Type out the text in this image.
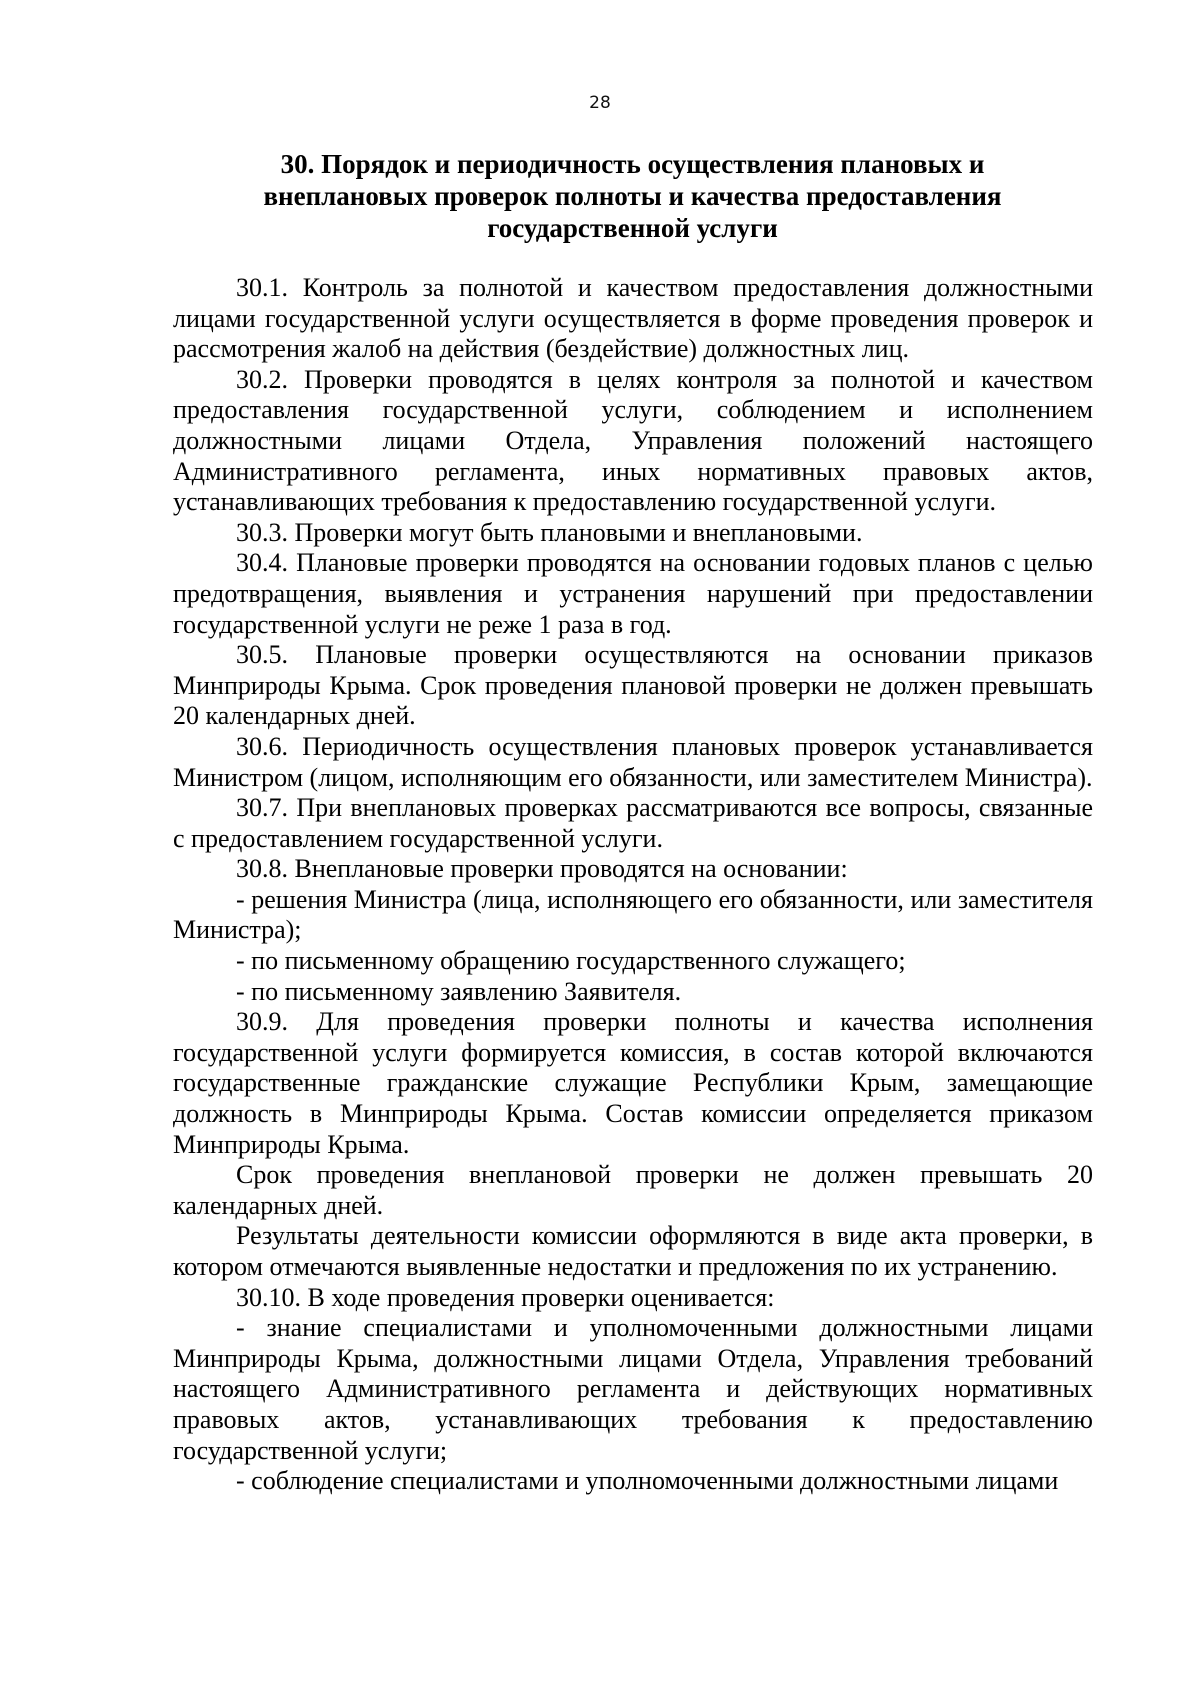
28
30. Порядок и периодичность осуществления плановых и
внеплановых проверок полноты и качества предоставления
государственной услуги

30.1. Контроль за полнотой и качеством предоставления должностными лицами государственной услуги осуществляется в форме проведения проверок и рассмотрения жалоб на действия (бездействие) должностных лиц.

30.2. Проверки проводятся в целях контроля за полнотой и качеством предоставления государственной услуги, соблюдением и исполнением должностными лицами Отдела, Управления положений настоящего Административного регламента, иных нормативных правовых актов, устанавливающих требования к предоставлению государственной услуги.

30.3. Проверки могут быть плановыми и внеплановыми.

30.4. Плановые проверки проводятся на основании годовых планов с целью предотвращения, выявления и устранения нарушений при предоставлении государственной услуги не реже 1 раза в год.

30.5. Плановые проверки осуществляются на основании приказов Минприроды Крыма. Срок проведения плановой проверки не должен превышать 20 календарных дней.

30.6. Периодичность осуществления плановых проверок устанавливается Министром (лицом, исполняющим его обязанности, или заместителем Министра).

30.7. При внеплановых проверках рассматриваются все вопросы, связанные с предоставлением государственной услуги.

30.8. Внеплановые проверки проводятся на основании:

- решения Министра (лица, исполняющего его обязанности, или заместителя Министра);

- по письменному обращению государственного служащего;

- по письменному заявлению Заявителя.

30.9. Для проведения проверки полноты и качества исполнения государственной услуги формируется комиссия, в состав которой включаются государственные гражданские служащие Республики Крым, замещающие должность в Минприроды Крыма. Состав комиссии определяется приказом Минприроды Крыма.

Срок проведения внеплановой проверки не должен превышать 20 календарных дней.

Результаты деятельности комиссии оформляются в виде акта проверки, в котором отмечаются выявленные недостатки и предложения по их устранению.

30.10. В ходе проведения проверки оценивается:

- знание специалистами и уполномоченными должностными лицами Минприроды Крыма, должностными лицами Отдела, Управления требований настоящего Административного регламента и действующих нормативных правовых актов, устанавливающих требования к предоставлению государственной услуги;

- соблюдение специалистами и уполномоченными должностными лицами
